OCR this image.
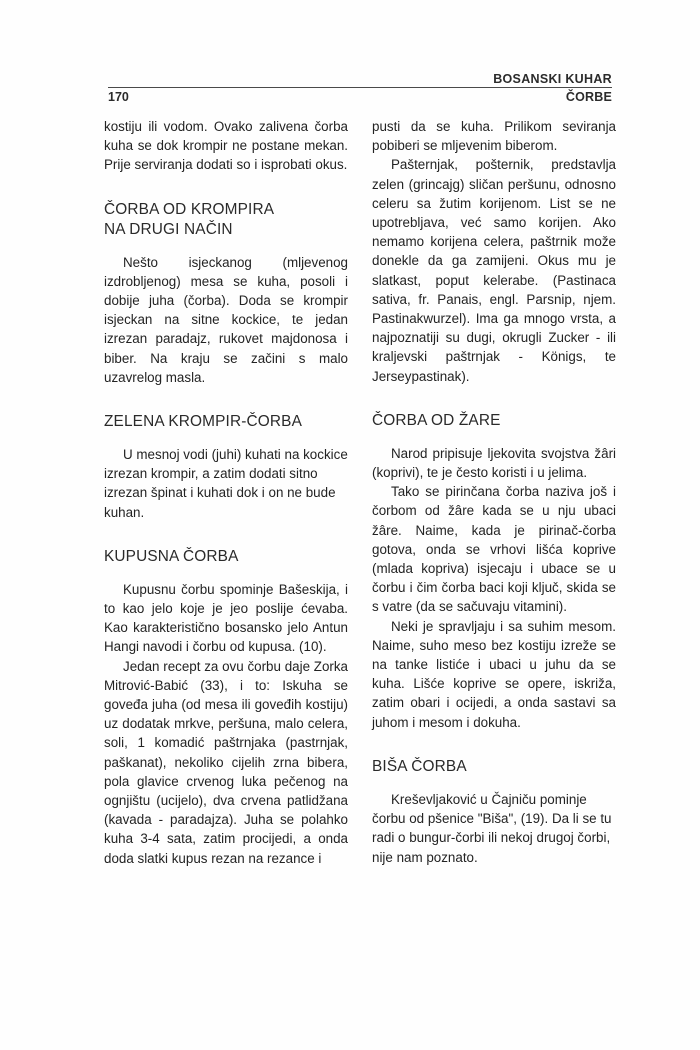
BOSANSKI KUHAR
170	ČORBE

kostiju ili vodom. Ovako zalivena čorba kuha se dok krompir ne postane mekan. Prije serviranja dodati so i isprobati okus.

ČORBA OD KROMPIRA
NA DRUGI NAČIN

Nešto isjeckanog (mljevenog izdrobljenog) mesa se kuha, posoli i dobije juha (čorba). Doda se krompir isjeckan na sitne kockice, te jedan izrezan paradajz, rukovet majdonosa i biber. Na kraju se začini s malo uzavrelog masla.

ZELENA KROMPIR-ČORBA

U mesnoj vodi (juhi) kuhati na kockice izrezan krompir, a zatim dodati sitno izrezan špinat i kuhati dok i on ne bude kuhan.

KUPUSNA ČORBA

Kupusnu čorbu spominje Bašeskija, i to kao jelo koje je jeo poslije ćevaba. Kao karakteristično bosansko jelo Antun Hangi navodi i čorbu od kupusa. (10).

Jedan recept za ovu čorbu daje Zorka Mitrović-Babić (33), i to: Iskuha se goveđa juha (od mesa ili goveđih kostiju) uz dodatak mrkve, peršuna, malo celera, soli, 1 komadić paštrnjaka (pastrnjak, paškanat), nekoliko cijelih zrna bibera, pola glavice crvenog luka pečenog na ognjištu (ucijelo), dva crvena patlidžana (kavada - paradajza). Juha se polahko kuha 3-4 sata, zatim procijedi, a onda doda slatki kupus rezan na rezance i

pusti da se kuha. Prilikom seviranja pobiberi se mljevenim biberom.

Pašternjak, pošternik, predstavlja zelen (grincajg) sličan peršunu, odnosno celeru sa žutim korijenom. List se ne upotrebljava, već samo korijen. Ako nemamo korijena celera, paštrnik može donekle da ga zamijeni. Okus mu je slatkast, poput kelerabe. (Pastinaca sativa, fr. Panais, engl. Parsnip, njem. Pastinakwurzel). Ima ga mnogo vrsta, a najpoznatiji su dugi, okrugli Zucker - ili kraljevski paštrnjak - Königs, te Jerseypastinak).

ČORBA OD ŽARE

Narod pripisuje ljekovita svojstva žâri (koprivi), te je često koristi i u jelima.

Tako se pirinčana čorba naziva još i čorbom od žâre kada se u nju ubaci žâre. Naime, kada je pirinač-čorba gotova, onda se vrhovi lišća koprive (mlada kopriva) isjecaju i ubace se u čorbu i čim čorba baci koji ključ, skida se s vatre (da se sačuvaju vitamini).

Neki je spravljaju i sa suhim mesom. Naime, suho meso bez kostiju izreže se na tanke listiće i ubaci u juhu da se kuha. Lišće koprive se opere, iskriža, zatim obari i ocijedi, a onda sastavi sa juhom i mesom i dokuha.

BIŠA ČORBA

Kreševljaković u Čajniču pominje čorbu od pšenice "Biša", (19). Da li se tu radi o bungur-čorbi ili nekoj drugoj čorbi, nije nam poznato.
